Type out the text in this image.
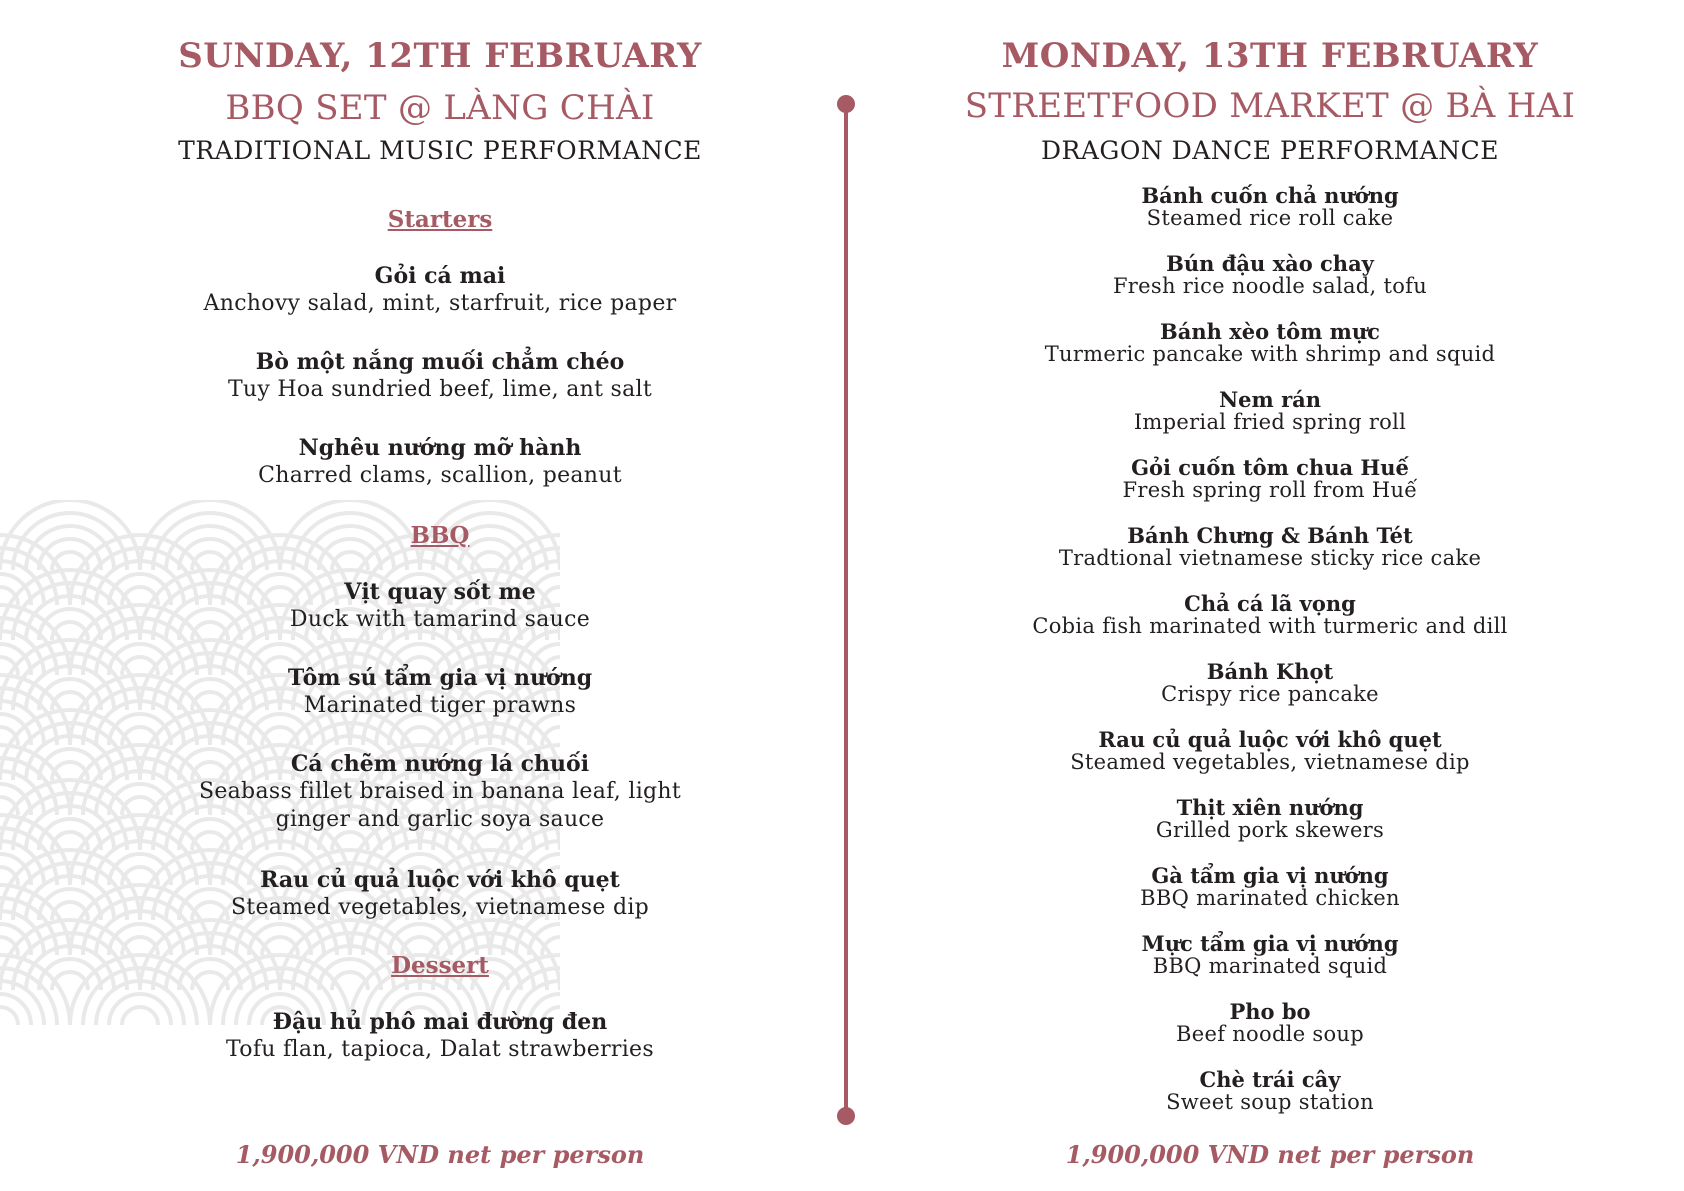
SUNDAY, 12TH FEBRUARY
BBQ SET @ LÀNG CHÀI
TRADITIONAL MUSIC PERFORMANCE
Starters
Gỏi cá mai
Anchovy salad, mint, starfruit, rice paper
Bò một nắng muối chẳm chéo
Tuy Hoa sundried beef, lime, ant salt
Nghêu nướng mỡ hành
Charred clams, scallion, peanut
BBQ
Vịt quay sốt me
Duck with tamarind sauce
Tôm sú tẩm gia vị nướng
Marinated tiger prawns
Cá chẽm nướng lá chuối
Seabass fillet braised in banana leaf, light
ginger and garlic soya sauce
Rau củ quả luộc với khô quẹt
Steamed vegetables, vietnamese dip
Dessert
Đậu hủ phô mai đường đen
Tofu flan, tapioca, Dalat strawberries
1,900,000 VND net per person
MONDAY, 13TH FEBRUARY
STREETFOOD MARKET @ BÀ HAI
DRAGON DANCE PERFORMANCE
Bánh cuốn chả nướng
Steamed rice roll cake
Bún đậu xào chay
Fresh rice noodle salad, tofu
Bánh xèo tôm mực
Turmeric pancake with shrimp and squid
Nem rán
Imperial fried spring roll
Gỏi cuốn tôm chua Huế
Fresh spring roll from Huế
Bánh Chưng & Bánh Tét
Tradtional vietnamese sticky rice cake
Chả cá lã vọng
Cobia fish marinated with turmeric and dill
Bánh Khọt
Crispy rice pancake
Rau củ quả luộc với khô quẹt
Steamed vegetables, vietnamese dip
Thịt xiên nướng
Grilled pork skewers
Gà tẩm gia vị nướng
BBQ marinated chicken
Mực tẩm gia vị nướng
BBQ marinated squid
Pho bo
Beef noodle soup
Chè trái cây
Sweet soup station
1,900,000 VND net per person
